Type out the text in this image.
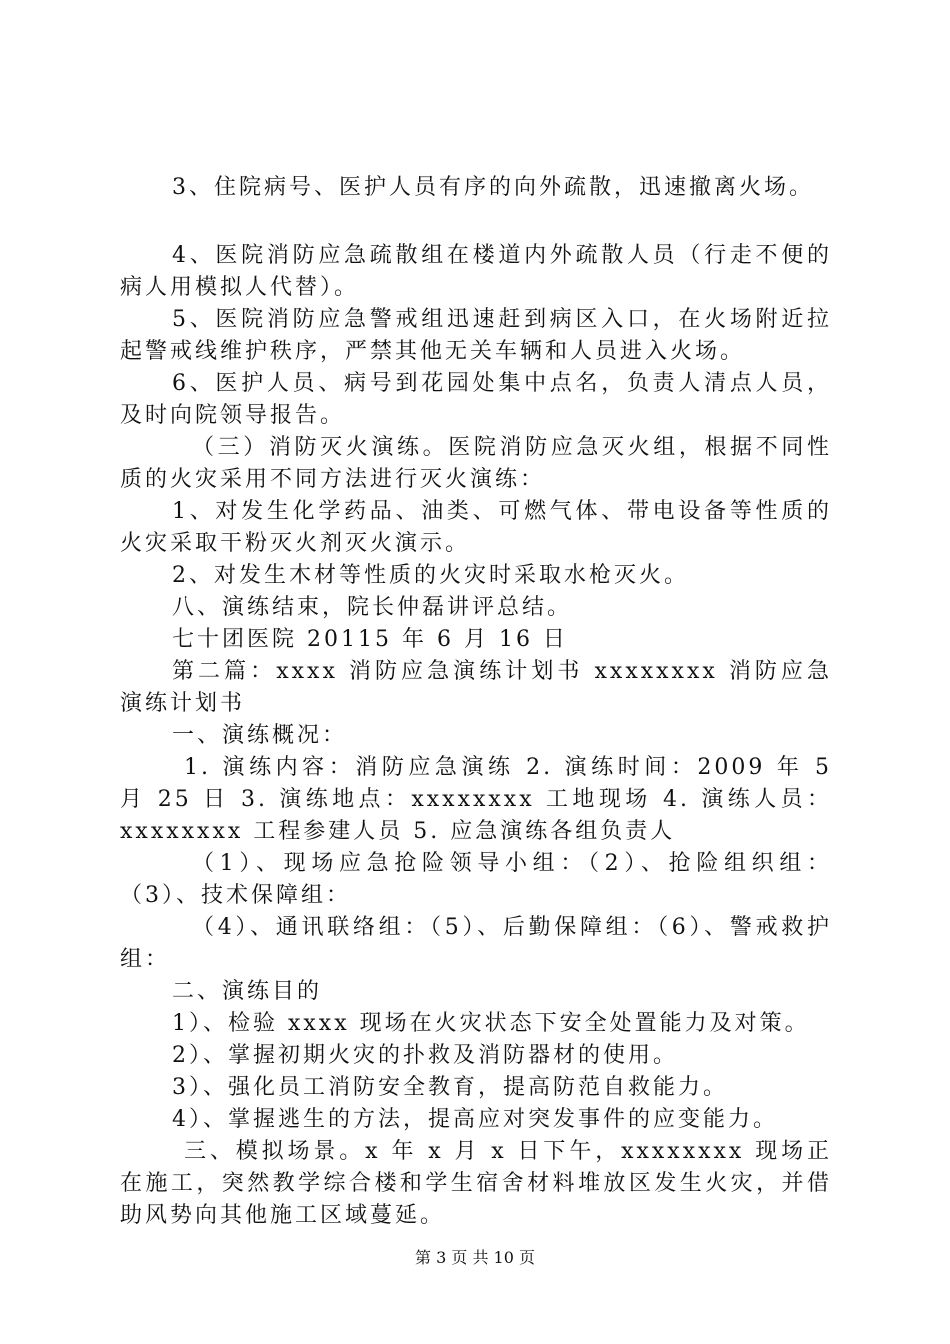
3、住院病号、医护人员有序的向外疏散，迅速撤离火场。

4、医院消防应急疏散组在楼道内外疏散人员（行走不便的病人用模拟人代替）。

5、医院消防应急警戒组迅速赶到病区入口，在火场附近拉起警戒线维护秩序，严禁其他无关车辆和人员进入火场。

6、医护人员、病号到花园处集中点名，负责人清点人员，及时向院领导报告。

（三）消防灭火演练。医院消防应急灭火组，根据不同性质的火灾采用不同方法进行灭火演练：

1、对发生化学药品、油类、可燃气体、带电设备等性质的火灾采取干粉灭火剂灭火演示。

2、对发生木材等性质的火灾时采取水枪灭火。

八、演练结束，院长仲磊讲评总结。

七十团医院 20115 年 6 月 16 日

第二篇：xxxx 消防应急演练计划书 xxxxxxxx 消防应急演练计划书

一、演练概况：

1. 演练内容：消防应急演练 2. 演练时间：2009 年 5 月 25 日 3. 演练地点：xxxxxxxx 工地现场 4. 演练人员：xxxxxxxx 工程参建人员 5. 应急演练各组负责人

（1）、现场应急抢险领导小组：（2）、抢险组织组：（3）、技术保障组：

（4）、通讯联络组：（5）、后勤保障组：（6）、警戒救护组：

二、演练目的

1）、检验 xxxx 现场在火灾状态下安全处置能力及对策。

2）、掌握初期火灾的扑救及消防器材的使用。

3）、强化员工消防安全教育，提高防范自救能力。

4）、掌握逃生的方法，提高应对突发事件的应变能力。

三、模拟场景。x 年 x 月 x 日下午，xxxxxxxx 现场正在施工，突然教学综合楼和学生宿舍材料堆放区发生火灾，并借助风势向其他施工区域蔓延。

第 3 页 共 10 页
